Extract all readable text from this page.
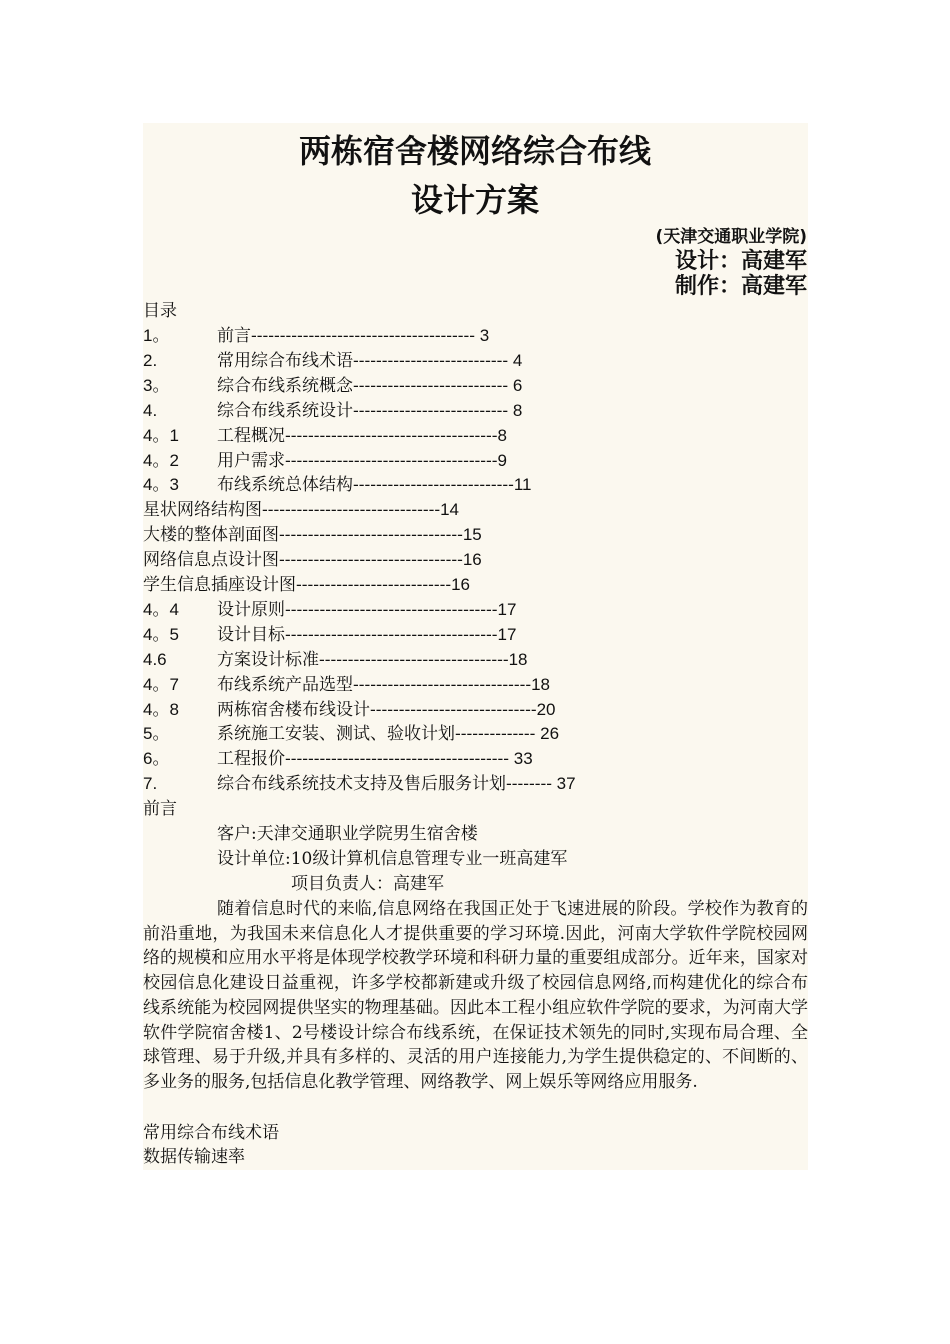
两栋宿舍楼网络综合布线
设计方案
(天津交通职业学院)
设计：高建军
制作：高建军
目录
1。	前言--------------------------------------- 3
2.	常用综合布线术语--------------------------- 4
3。	综合布线系统概念--------------------------- 6
4.	综合布线系统设计--------------------------- 8
4。1 工程概况-------------------------------------8
4。2 用户需求-------------------------------------9
4。3 布线系统总体结构----------------------------11
星状网络结构图-------------------------------14
大楼的整体剖面图--------------------------------15
网络信息点设计图--------------------------------16
学生信息插座设计图---------------------------16
4。4 设计原则-------------------------------------17
4。5 设计目标-------------------------------------17
4.6	方案设计标准---------------------------------18
4。7 布线系统产品选型-------------------------------18
4。8 两栋宿舍楼布线设计-----------------------------20
5。	系统施工安装、测试、验收计划-------------- 26
6。	工程报价--------------------------------------- 33
7.	综合布线系统技术支持及售后服务计划-------- 37
前言
客户:天津交通职业学院男生宿舍楼
设计单位:10级计算机信息管理专业一班高建军
项目负责人：高建军

随着信息时代的来临,信息网络在我国正处于飞速进展的阶段。学校作为教育的前沿重地，为我国未来信息化人才提供重要的学习环境.因此，河南大学软件学院校园网络的规模和应用水平将是体现学校教学环境和科研力量的重要组成部分。近年来，国家对校园信息化建设日益重视，许多学校都新建或升级了校园信息网络,而构建优化的综合布线系统能为校园网提供坚实的物理基础。因此本工程小组应软件学院的要求，为河南大学软件学院宿舍楼1、2号楼设计综合布线系统，在保证技术领先的同时,实现布局合理、全球管理、易于升级,并具有多样的、灵活的用户连接能力,为学生提供稳定的、不间断的、多业务的服务,包括信息化教学管理、网络教学、网上娱乐等网络应用服务.

常用综合布线术语
数据传输速率
